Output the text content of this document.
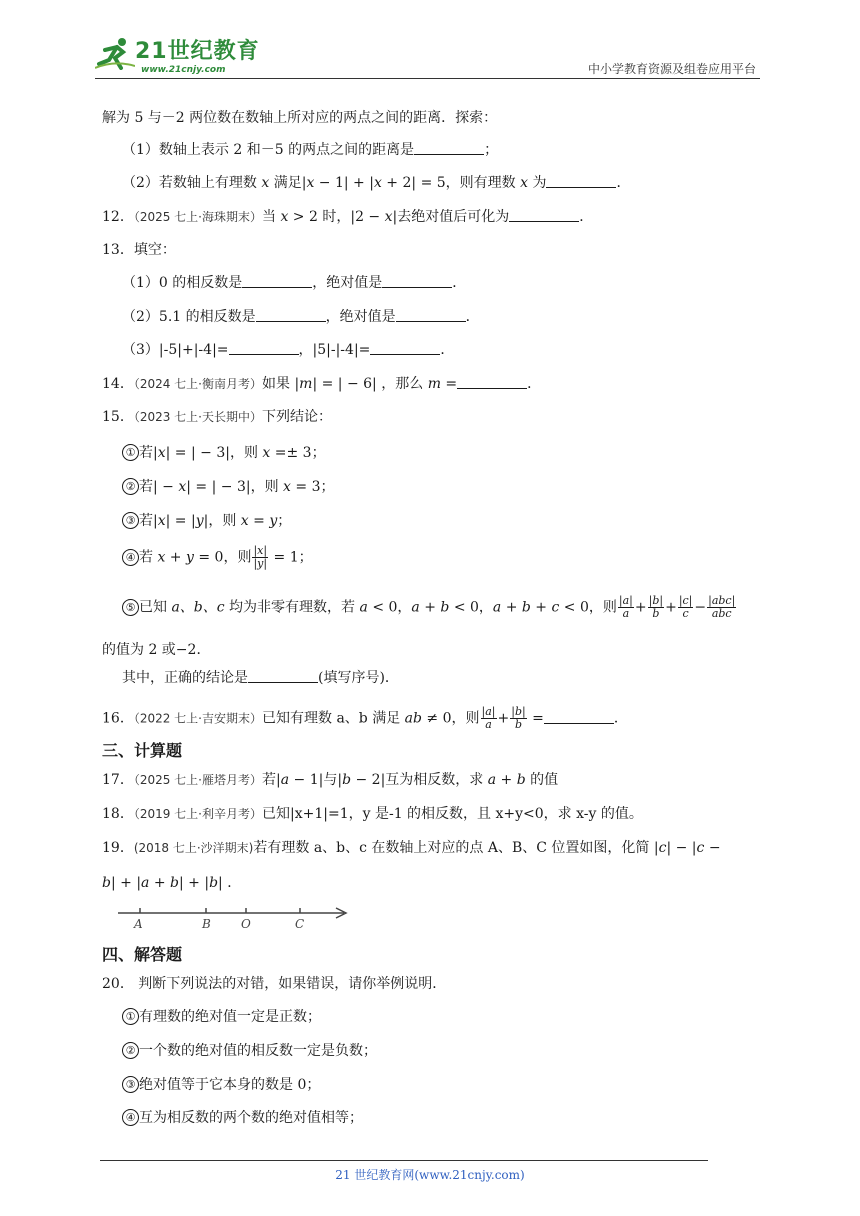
21世纪教育
www.21cnjy.com	中小学教育资源及组卷应用平台
解为 5 与－2 两位数在数轴上所对应的两点之间的距离．探索：
（1）数轴上表示 2 和－5 的两点之间的距离是	；
（2）若数轴上有理数 x 满足|x − 1| + |x + 2| = 5，则有理数 x 为	．
12．（2025 七上·海珠期末）当 x > 2 时，|2 − x|去绝对值后可化为	．
13．填空：
（1）0 的相反数是	，绝对值是	．
（2）5.1 的相反数是	，绝对值是	．
（3）|-5|+|-4|=	，|5|-|-4|=	．
14．（2024 七上·衡南月考）如果 |m| = | − 6| ，那么 m =	．
15．（2023 七上·天长期中）下列结论：
① 若|x| = | − 3|，则 x =± 3；
② 若| − x| = | − 3|，则 x = 3；
③ 若|x| = |y|，则 x = y；
④ 若 x + y = 0，则 $\frac{|x|}{|y|} = 1$；
⑤ 已知 a、b、c 均为非零有理数，若 a < 0，a + b < 0，a + b + c < 0，则 $\frac{|a|}{a} + \frac{|b|}{b} + \frac{|c|}{c} - \frac{\text{|abc|}}{\text{abc}}$
的值为 2 或−2．
其中，正确的结论是	(填写序号)．
16．（2022 七上·吉安期末）已知有理数 a、b 满足 ab ≠ 0，则 $\frac{|a|}{a} + \frac{|b|}{b}$ =	．
三、计算题
17．（2025 七上·雁塔月考）若|a − 1|与|b − 2|互为相反数，求 a + b 的值
18．（2019 七上·利辛月考）已知|x+1|=1，y 是-1 的相反数，且 x+y<0，求 x-y 的值。
19．(2018 七上·沙洋期末)若有理数 a、b、c 在数轴上对应的点 A、B、C 位置如图，化简 |c| − |c −
b| + |a + b| + |b| ．
四、解答题
20． 判断下列说法的对错，如果错误，请你举例说明．
① 有理数的绝对值一定是正数；
② 一个数的绝对值的相反数一定是负数；
③ 绝对值等于它本身的数是 0；
④ 互为相反数的两个数的绝对值相等；
A	B	O	C
21 世纪教育网(www.21cnjy.com)
